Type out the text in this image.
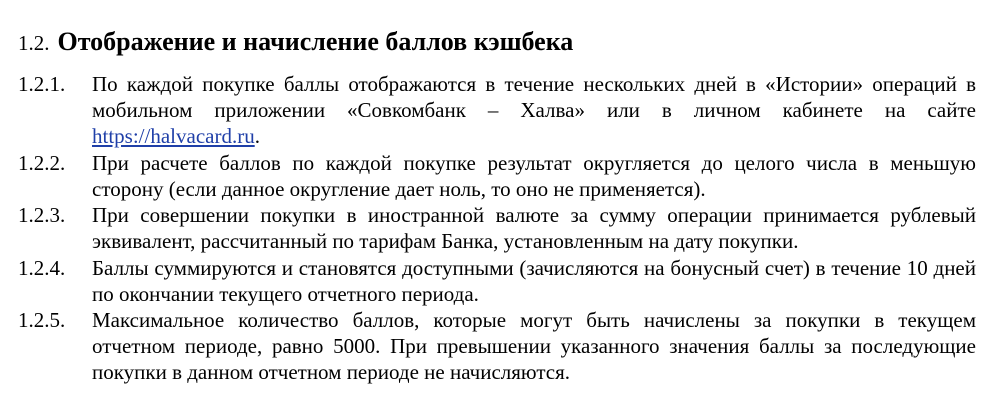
1.2. Отображение и начисление баллов кэшбека
1.2.1. По каждой покупке баллы отображаются в течение нескольких дней в «Истории» операций в мобильном приложении «Совкомбанк – Халва» или в личном кабинете на сайте https://halvacard.ru.
1.2.2. При расчете баллов по каждой покупке результат округляется до целого числа в меньшую сторону (если данное округление дает ноль, то оно не применяется).
1.2.3. При совершении покупки в иностранной валюте за сумму операции принимается рублевый эквивалент, рассчитанный по тарифам Банка, установленным на дату покупки.
1.2.4. Баллы суммируются и становятся доступными (зачисляются на бонусный счет) в течение 10 дней по окончании текущего отчетного периода.
1.2.5. Максимальное количество баллов, которые могут быть начислены за покупки в текущем отчетном периоде, равно 5000. При превышении указанного значения баллы за последующие покупки в данном отчетном периоде не начисляются.
